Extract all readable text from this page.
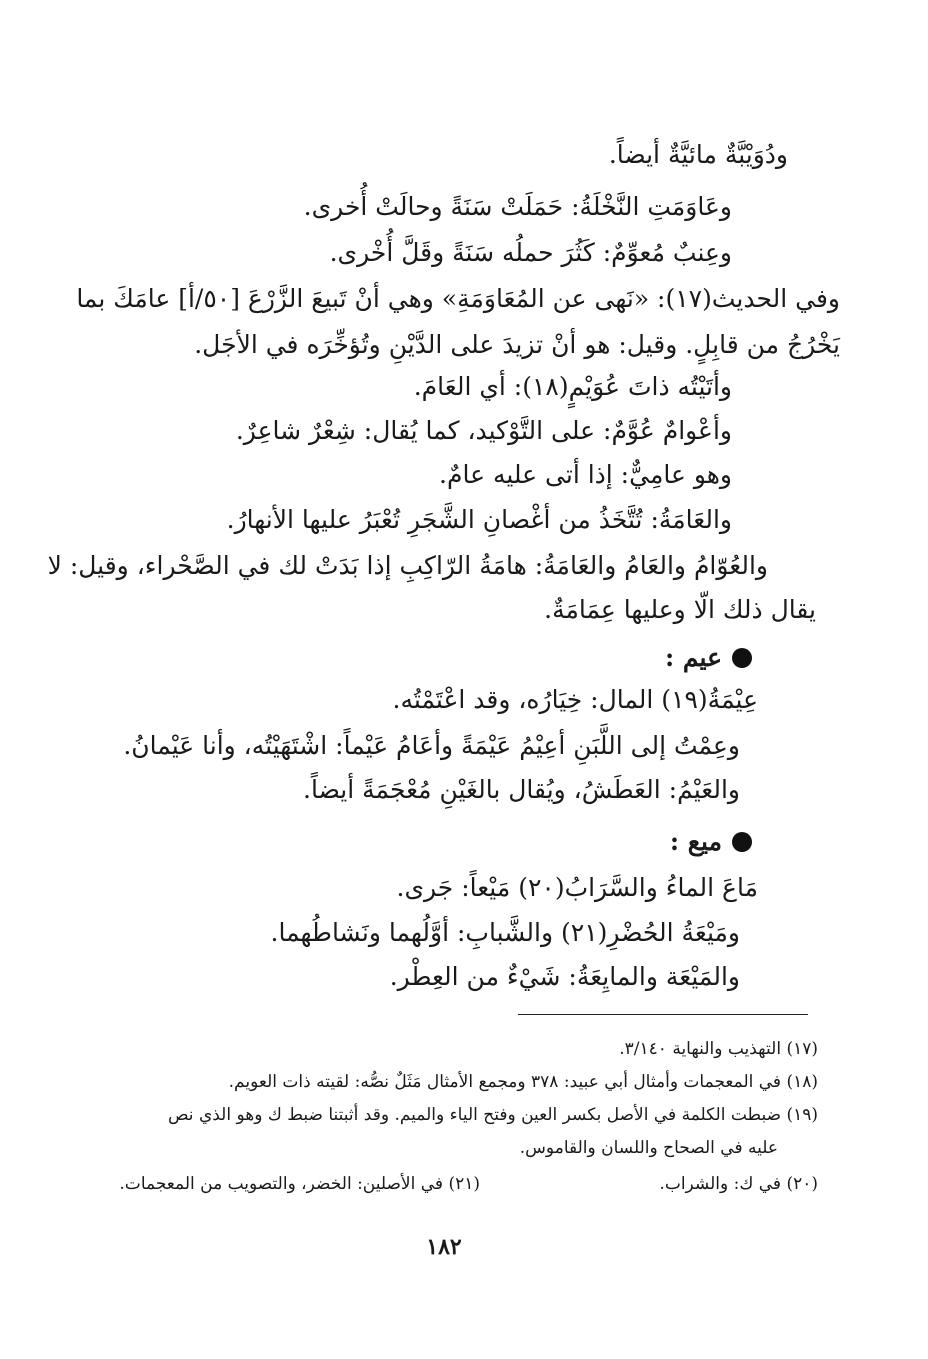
ودُوَيْبَّةٌ مائيَّةٌ أيضاً.
وعَاوَمَتِ النَّخْلَةُ: حَمَلَتْ سَنَةً وحالَتْ أُخرى.
وعِنبٌ مُعوِّمٌ: كَثُرَ حملُه سَنَةً وقَلَّ أُخْرى.
وفي الحديث(١٧): «نَهى عن المُعَاوَمَةِ» وهي أنْ تَبيعَ الزَّرْعَ [٥٠/أ] عامَكَ بما
يَخْرُجُ من قابِلٍ. وقيل: هو أنْ تزيدَ على الدَّيْنِ وتُؤخِّرَه في الأجَل.
وأتَيْتُه ذاتَ عُوَيْمٍ(١٨): أي العَامَ.
وأعْوامٌ عُوَّمٌ: على التَّوْكيد، كما يُقال: شِعْرٌ شاعِرٌ.
وهو عامِيٌّ: إذا أتى عليه عامٌ.
والعَامَةُ: تُتَّخَذُ من أغْصانِ الشَّجَرِ تُعْبَرُ عليها الأنهارُ.
والعُوّامُ والعَامُ والعَامَةُ: هامَةُ الرّاكِبِ إذا بَدَتْ لك في الصَّحْراء، وقيل: لا
يقال ذلك الّا وعليها عِمَامَةٌ.
عيم :
عِيْمَةُ(١٩) المال: خِيَارُه، وقد اعْتَمْتُه.
وعِمْتُ إلى اللَّبَنِ أعِيْمُ عَيْمَةً وأعَامُ عَيْماً: اشْتَهَيْتُه، وأنا عَيْمانُ.
والعَيْمُ: العَطَشُ، ويُقال بالغَيْنِ مُعْجَمَةً أيضاً.
ميع :
مَاعَ الماءُ والسَّرَابُ(٢٠) مَيْعاً: جَرى.
ومَيْعَةُ الحُضْرِ(٢١) والشَّبابِ: أوَّلُهما ونَشاطُهما.
والمَيْعَة والمايِعَةُ: شَيْءٌ من العِطْر.
(١٧) التهذيب والنهاية ٣/١٤٠.
(١٨) في المعجمات وأمثال أبي عبيد: ٣٧٨ ومجمع الأمثال مَثَلٌ نصُّه: لقيته ذات العويم.
(١٩) ضبطت الكلمة في الأصل بكسر العين وفتح الياء والميم. وقد أثبتنا ضبط ك وهو الذي نص
عليه في الصحاح واللسان والقاموس.
(٢٠) في ك: والشراب.
(٢١) في الأصلين: الخضر، والتصويب من المعجمات.
١٨٢
